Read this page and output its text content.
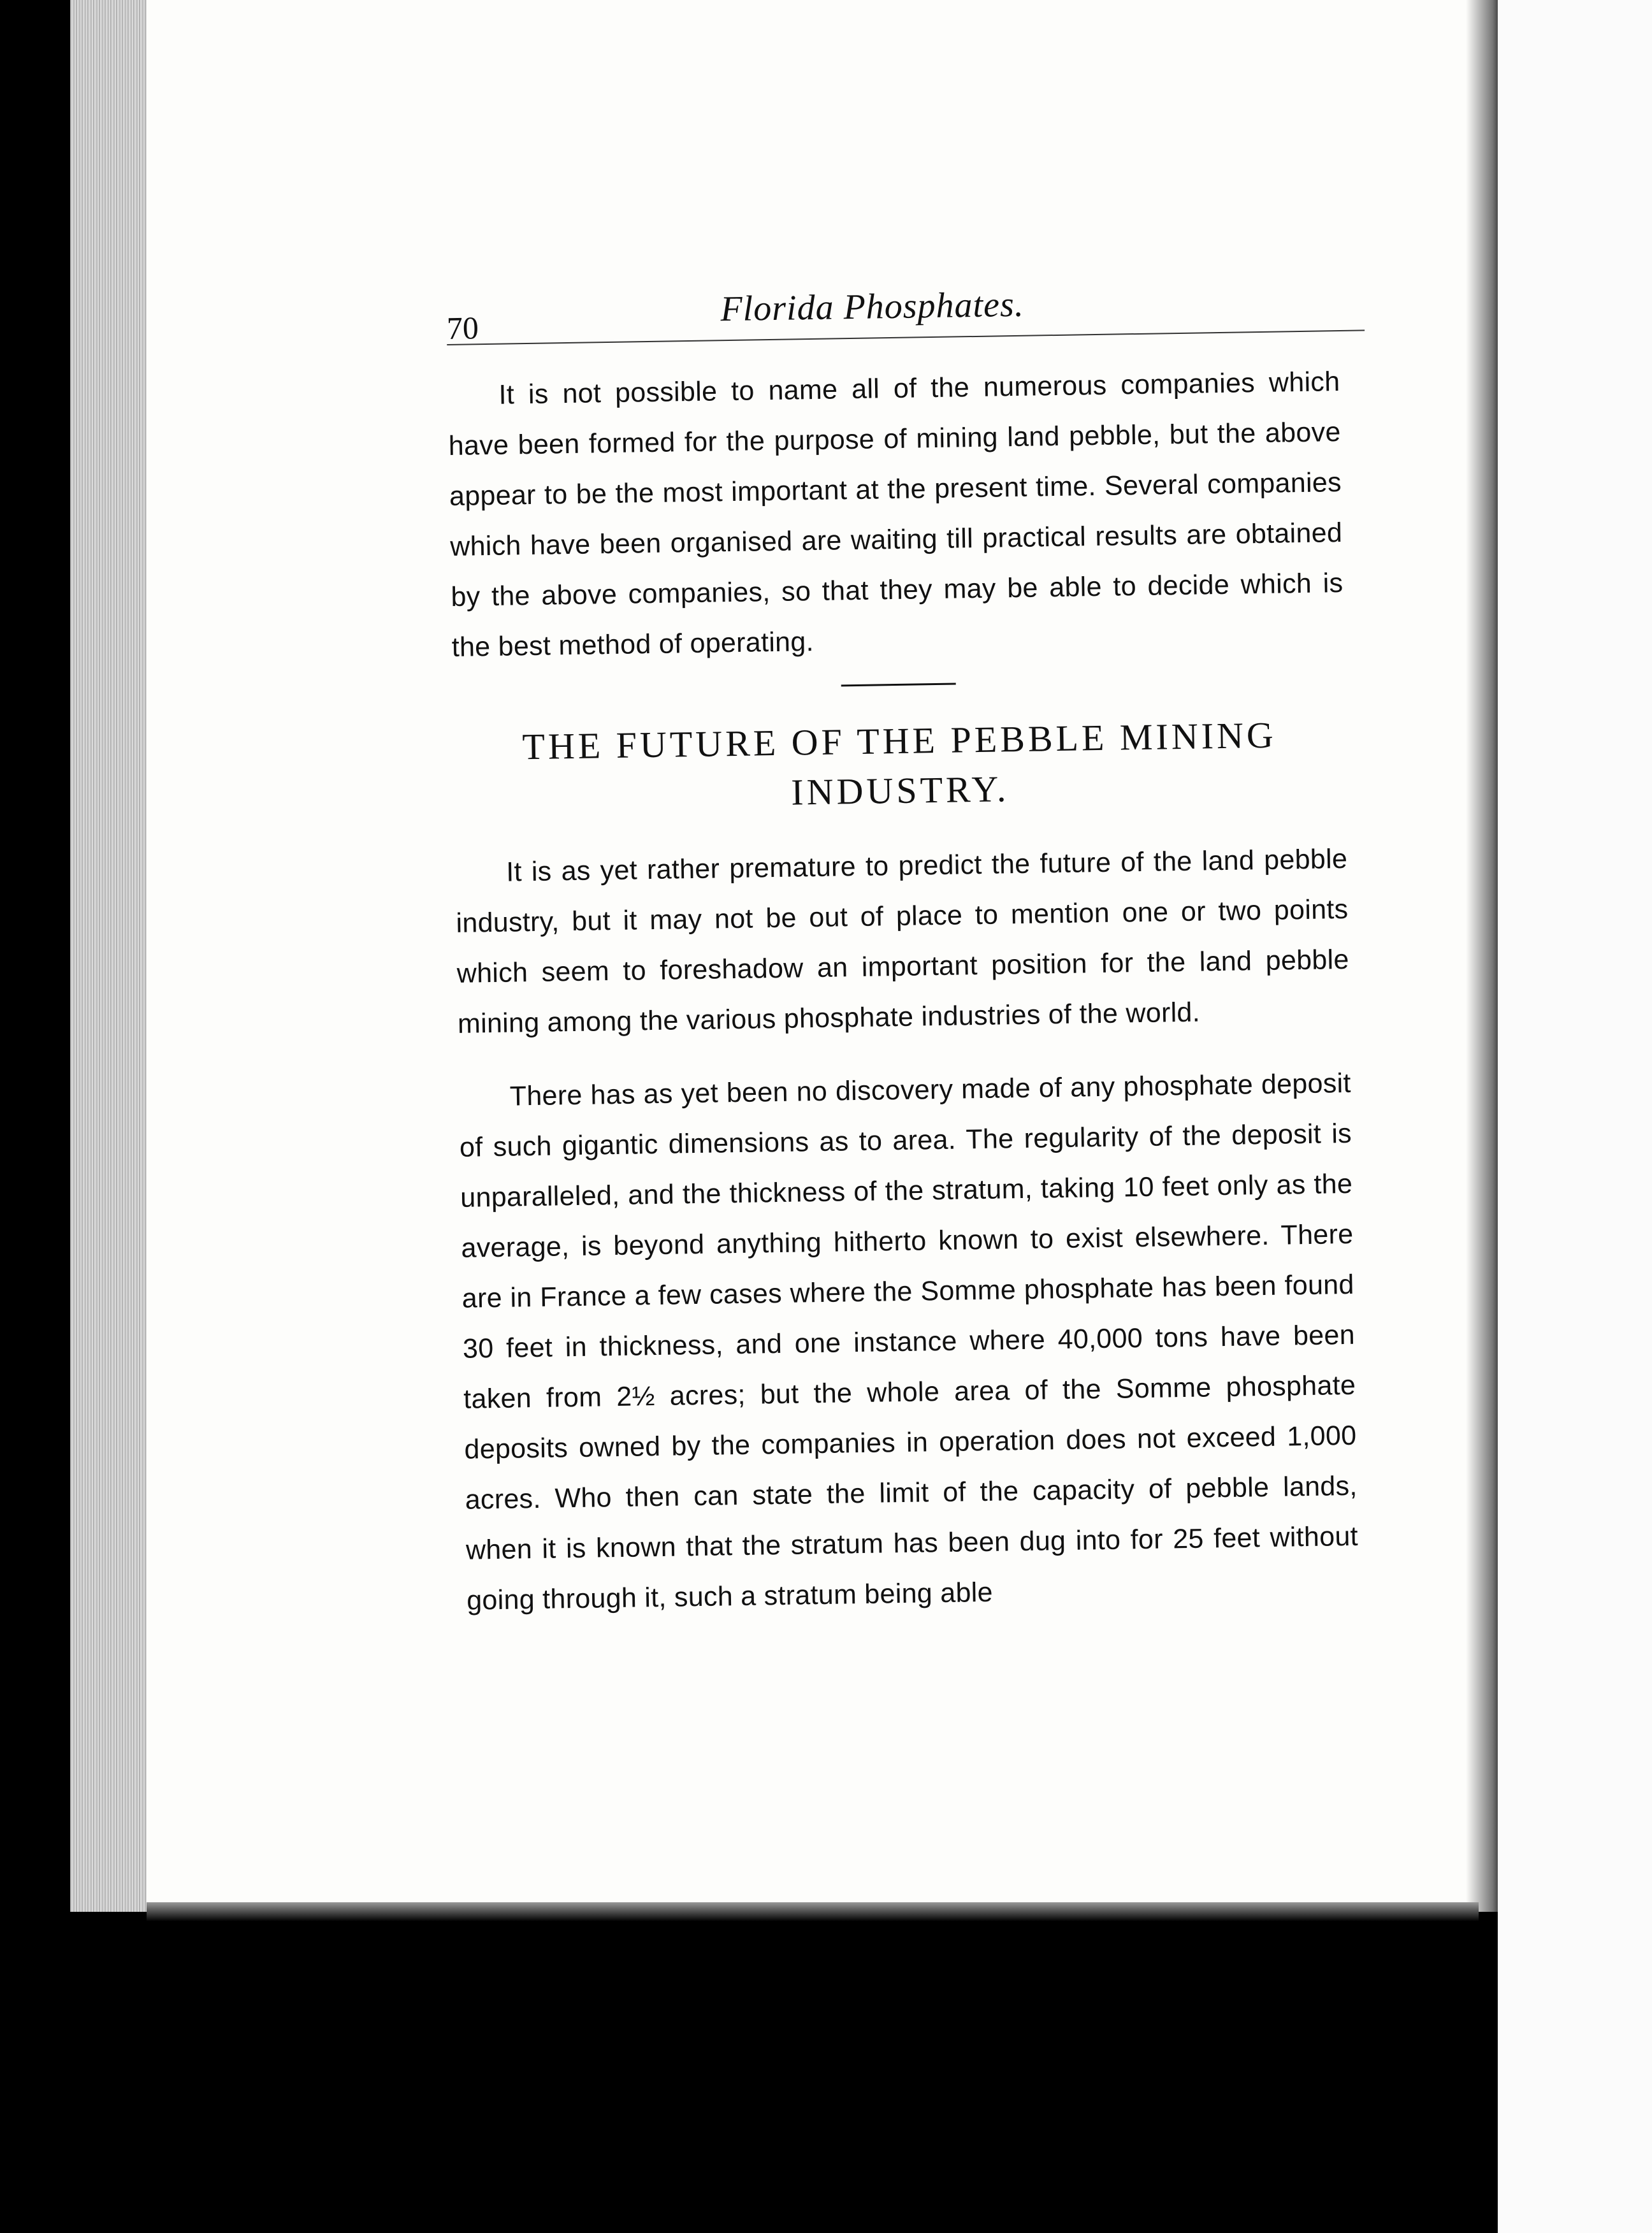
70	Florida Phosphates.

It is not possible to name all of the numerous companies which have been formed for the purpose of mining land pebble, but the above appear to be the most important at the present time. Several companies which have been organised are waiting till practical results are obtained by the above companies, so that they may be able to decide which is the best method of operating.

THE FUTURE OF THE PEBBLE MINING INDUSTRY.

It is as yet rather premature to predict the future of the land pebble industry, but it may not be out of place to mention one or two points which seem to foreshadow an important position for the land pebble mining among the various phosphate industries of the world.

There has as yet been no discovery made of any phosphate deposit of such gigantic dimensions as to area. The regularity of the deposit is unparalleled, and the thickness of the stratum, taking 10 feet only as the average, is beyond anything hitherto known to exist elsewhere. There are in France a few cases where the Somme phosphate has been found 30 feet in thickness, and one instance where 40,000 tons have been taken from 2½ acres; but the whole area of the Somme phosphate deposits owned by the companies in operation does not exceed 1,000 acres. Who then can state the limit of the capacity of pebble lands, when it is known that the stratum has been dug into for 25 feet without going through it, such a stratum being able
